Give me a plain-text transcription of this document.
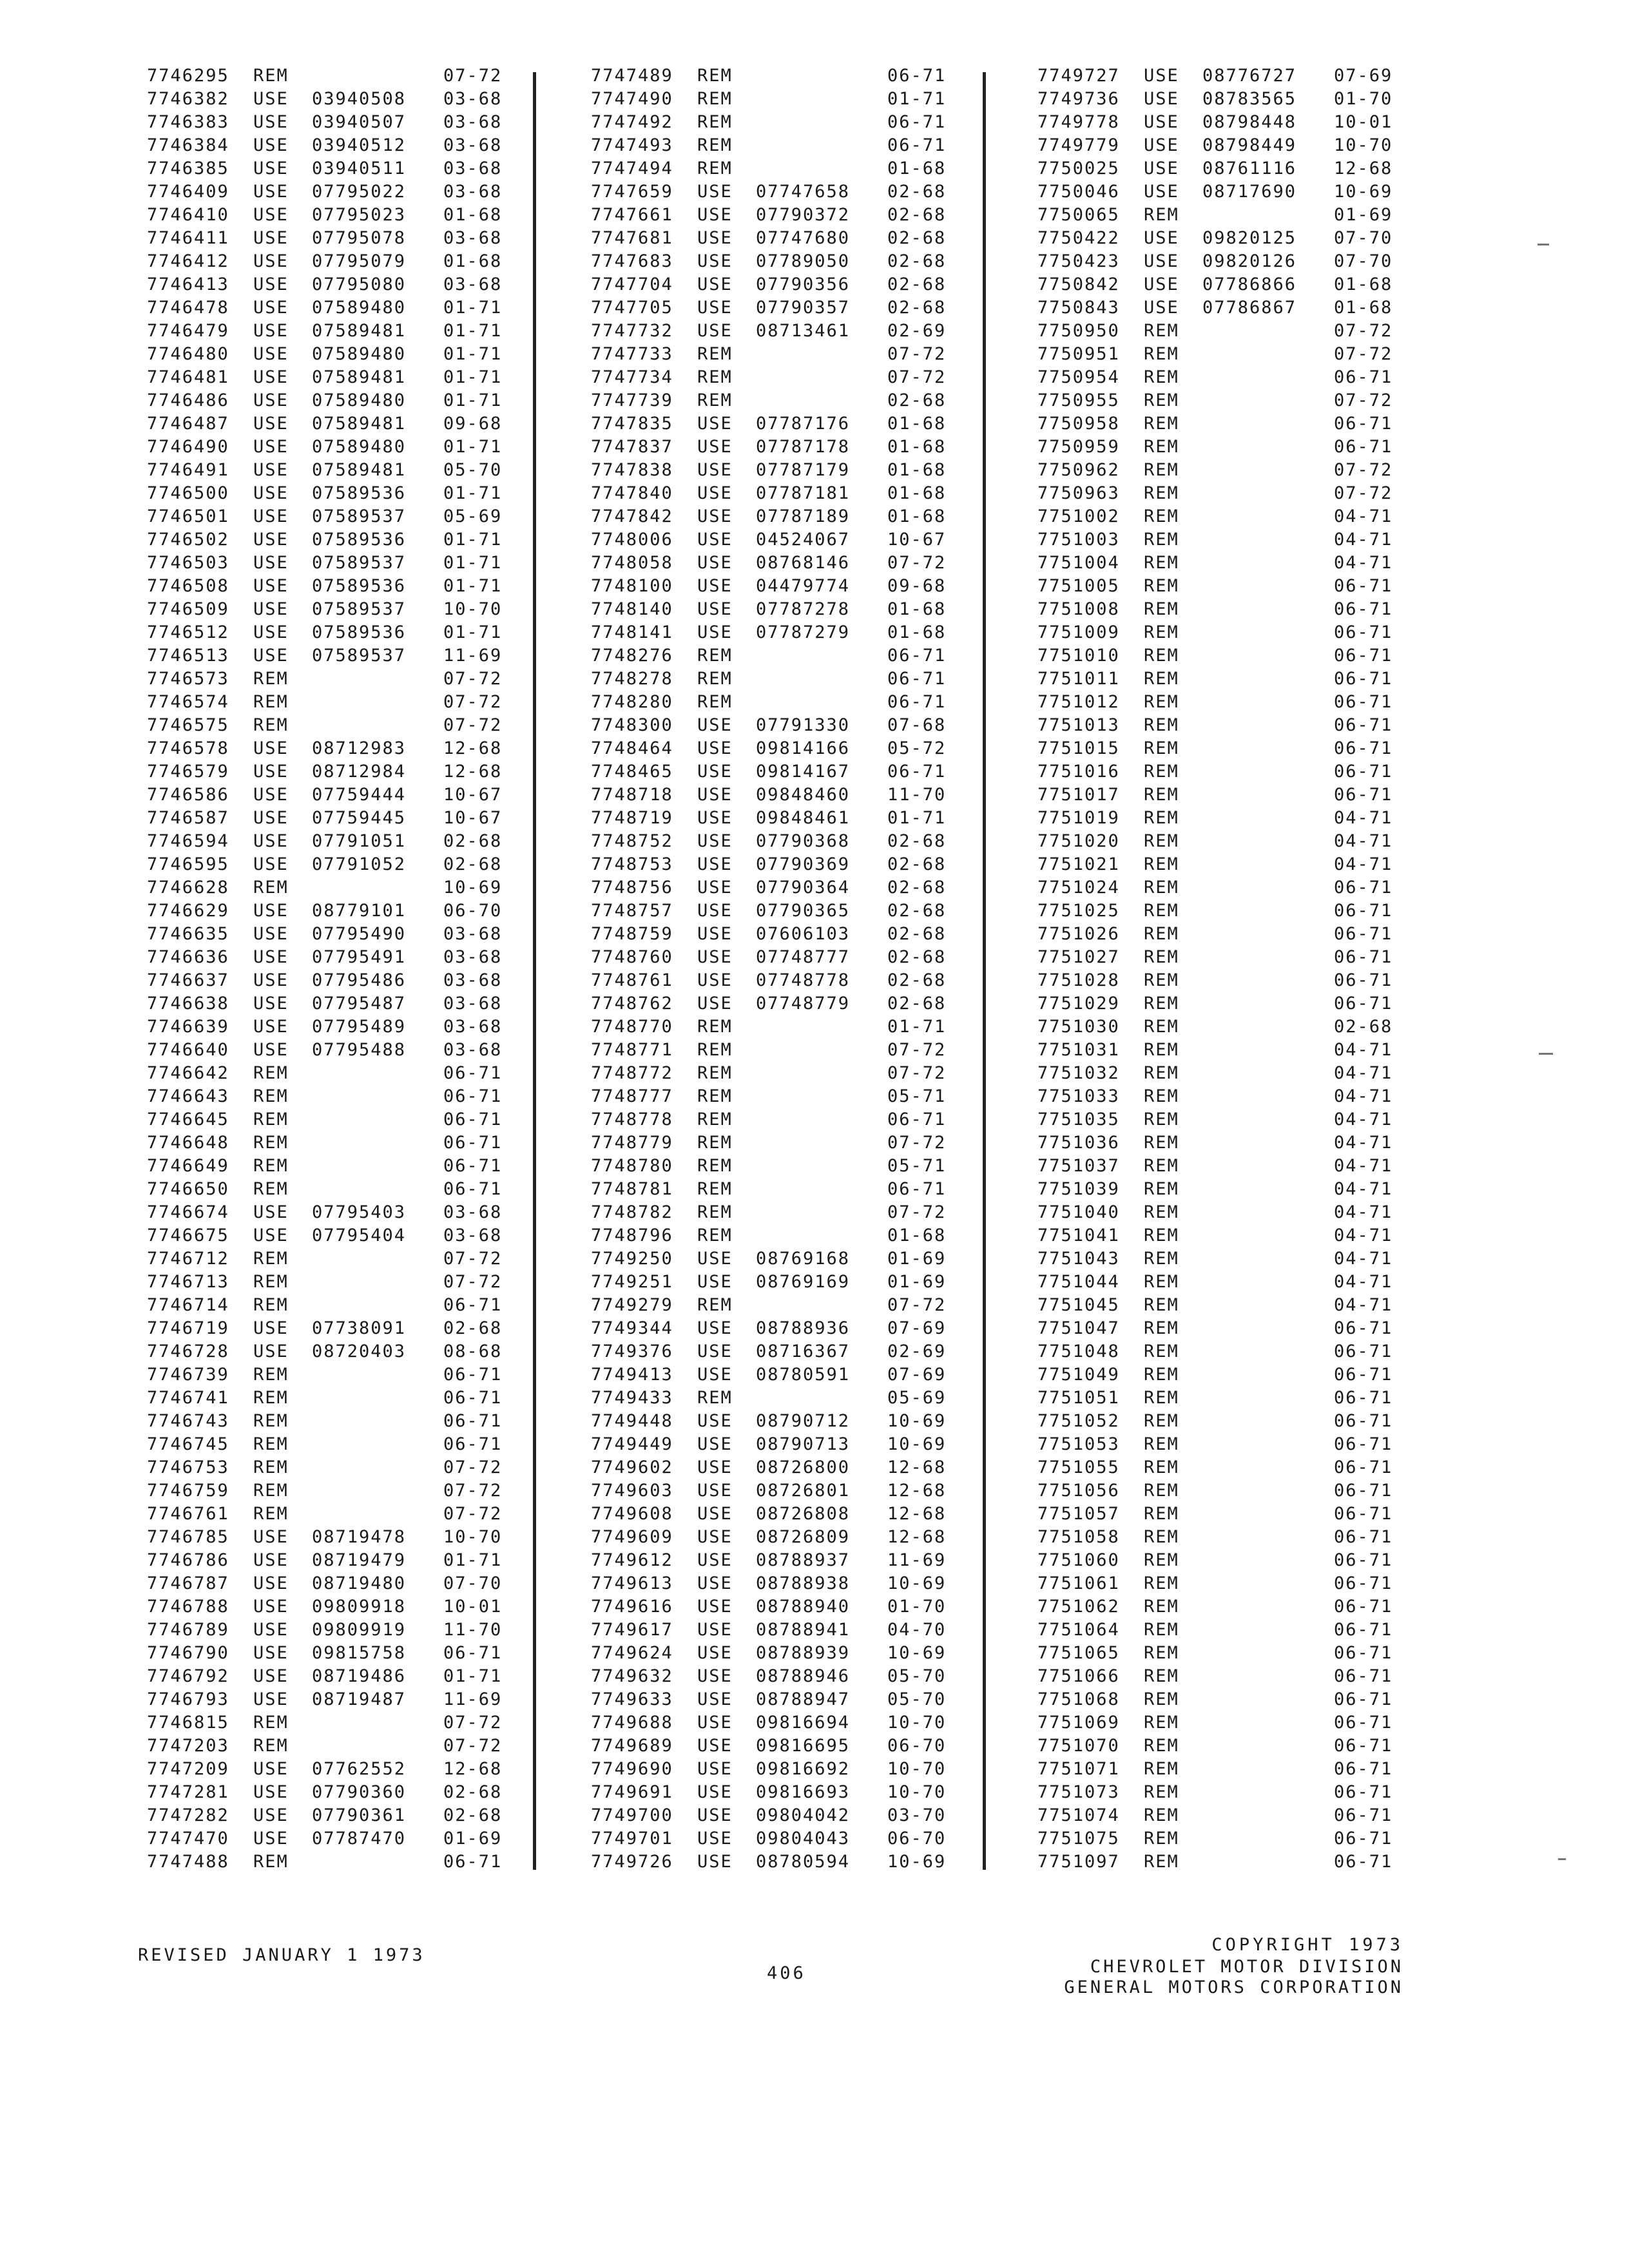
7746295 REM	07-72
7746382 USE 03940508 03-68
7746383 USE 03940507 03-68
7746384 USE 03940512 03-68
7746385 USE 03940511 03-68
7746409 USE 07795022 03-68
7746410 USE 07795023 01-68
7746411 USE 07795078 03-68
7746412 USE 07795079 01-68
7746413 USE 07795080 03-68
7746478 USE 07589480 01-71
7746479 USE 07589481 01-71
7746480 USE 07589480 01-71
7746481 USE 07589481 01-71
7746486 USE 07589480 01-71
7746487 USE 07589481 09-68
7746490 USE 07589480 01-71
7746491 USE 07589481 05-70
7746500 USE 07589536 01-71
7746501 USE 07589537 05-69
7746502 USE 07589536 01-71
7746503 USE 07589537 01-71
7746508 USE 07589536 01-71
7746509 USE 07589537 10-70
7746512 USE 07589536 01-71
7746513 USE 07589537 11-69
7746573 REM	07-72
7746574 REM	07-72
7746575 REM	07-72
7746578 USE 08712983 12-68
7746579 USE 08712984 12-68
7746586 USE 07759444 10-67
7746587 USE 07759445 10-67
7746594 USE 07791051 02-68
7746595 USE 07791052 02-68
7746628 REM	10-69
7746629 USE 08779101 06-70
7746635 USE 07795490 03-68
7746636 USE 07795491 03-68
7746637 USE 07795486 03-68
7746638 USE 07795487 03-68
7746639 USE 07795489 03-68
7746640 USE 07795488 03-68
7746642 REM	06-71
7746643 REM	06-71
7746645 REM	06-71
7746648 REM	06-71
7746649 REM	06-71
7746650 REM	06-71
7746674 USE 07795403 03-68
7746675 USE 07795404 03-68
7746712 REM	07-72
7746713 REM	07-72
7746714 REM	06-71
7746719 USE 07738091 02-68
7746728 USE 08720403 08-68
7746739 REM	06-71
7746741 REM	06-71
7746743 REM	06-71
7746745 REM	06-71
7746753 REM	07-72
7746759 REM	07-72
7746761 REM	07-72
7746785 USE 08719478 10-70
7746786 USE 08719479 01-71
7746787 USE 08719480 07-70
7746788 USE 09809918 10-01
7746789 USE 09809919 11-70
7746790 USE 09815758 06-71
7746792 USE 08719486 01-71
7746793 USE 08719487 11-69
7746815 REM	07-72
7747203 REM	07-72
7747209 USE 07762552 12-68
7747281 USE 07790360 02-68
7747282 USE 07790361 02-68
7747470 USE 07787470 01-69
7747488 REM	06-71
7747489 REM	06-71
7747490 REM	01-71
7747492 REM	06-71
7747493 REM	06-71
7747494 REM	01-68
7747659 USE 07747658 02-68
7747661 USE 07790372 02-68
7747681 USE 07747680 02-68
7747683 USE 07789050 02-68
7747704 USE 07790356 02-68
7747705 USE 07790357 02-68
7747732 USE 08713461 02-69
7747733 REM	07-72
7747734 REM	07-72
7747739 REM	02-68
7747835 USE 07787176 01-68
7747837 USE 07787178 01-68
7747838 USE 07787179 01-68
7747840 USE 07787181 01-68
7747842 USE 07787189 01-68
7748006 USE 04524067 10-67
7748058 USE 08768146 07-72
7748100 USE 04479774 09-68
7748140 USE 07787278 01-68
7748141 USE 07787279 01-68
7748276 REM	06-71
7748278 REM	06-71
7748280 REM	06-71
7748300 USE 07791330 07-68
7748464 USE 09814166 05-72
7748465 USE 09814167 06-71
7748718 USE 09848460 11-70
7748719 USE 09848461 01-71
7748752 USE 07790368 02-68
7748753 USE 07790369 02-68
7748756 USE 07790364 02-68
7748757 USE 07790365 02-68
7748759 USE 07606103 02-68
7748760 USE 07748777 02-68
7748761 USE 07748778 02-68
7748762 USE 07748779 02-68
7748770 REM	01-71
7748771 REM	07-72
7748772 REM	07-72
7748777 REM	05-71
7748778 REM	06-71
7748779 REM	07-72
7748780 REM	05-71
7748781 REM	06-71
7748782 REM	07-72
7748796 REM	01-68
7749250 USE 08769168 01-69
7749251 USE 08769169 01-69
7749279 REM	07-72
7749344 USE 08788936 07-69
7749376 USE 08716367 02-69
7749413 USE 08780591 07-69
7749433 REM	05-69
7749448 USE 08790712 10-69
7749449 USE 08790713 10-69
7749602 USE 08726800 12-68
7749603 USE 08726801 12-68
7749608 USE 08726808 12-68
7749609 USE 08726809 12-68
7749612 USE 08788937 11-69
7749613 USE 08788938 10-69
7749616 USE 08788940 01-70
7749617 USE 08788941 04-70
7749624 USE 08788939 10-69
7749632 USE 08788946 05-70
7749633 USE 08788947 05-70
7749688 USE 09816694 10-70
7749689 USE 09816695 06-70
7749690 USE 09816692 10-70
7749691 USE 09816693 10-70
7749700 USE 09804042 03-70
7749701 USE 09804043 06-70
7749726 USE 08780594 10-69
7749727 USE 08776727 07-69
7749736 USE 08783565 01-70
7749778 USE 08798448 10-01
7749779 USE 08798449 10-70
7750025 USE 08761116 12-68
7750046 USE 08717690 10-69
7750065 REM	01-69
7750422 USE 09820125 07-70
7750423 USE 09820126 07-70
7750842 USE 07786866 01-68
7750843 USE 07786867 01-68
7750950 REM	07-72
7750951 REM	07-72
7750954 REM	06-71
7750955 REM	07-72
7750958 REM	06-71
7750959 REM	06-71
7750962 REM	07-72
7750963 REM	07-72
7751002 REM	04-71
7751003 REM	04-71
7751004 REM	04-71
7751005 REM	06-71
7751008 REM	06-71
7751009 REM	06-71
7751010 REM	06-71
7751011 REM	06-71
7751012 REM	06-71
7751013 REM	06-71
7751015 REM	06-71
7751016 REM	06-71
7751017 REM	06-71
7751019 REM	04-71
7751020 REM	04-71
7751021 REM	04-71
7751024 REM	06-71
7751025 REM	06-71
7751026 REM	06-71
7751027 REM	06-71
7751028 REM	06-71
7751029 REM	06-71
7751030 REM	02-68
7751031 REM	04-71
7751032 REM	04-71
7751033 REM	04-71
7751035 REM	04-71
7751036 REM	04-71
7751037 REM	04-71
7751039 REM	04-71
7751040 REM	04-71
7751041 REM	04-71
7751043 REM	04-71
7751044 REM	04-71
7751045 REM	04-71
7751047 REM	06-71
7751048 REM	06-71
7751049 REM	06-71
7751051 REM	06-71
7751052 REM	06-71
7751053 REM	06-71
7751055 REM	06-71
7751056 REM	06-71
7751057 REM	06-71
7751058 REM	06-71
7751060 REM	06-71
7751061 REM	06-71
7751062 REM	06-71
7751064 REM	06-71
7751065 REM	06-71
7751066 REM	06-71
7751068 REM	06-71
7751069 REM	06-71
7751070 REM	06-71
7751071 REM	06-71
7751073 REM	06-71
7751074 REM	06-71
7751075 REM	06-71
7751097 REM	06-71
REVISED JANUARY 1 1973
406
COPYRIGHT 1973
CHEVROLET MOTOR DIVISION
GENERAL MOTORS CORPORATION
